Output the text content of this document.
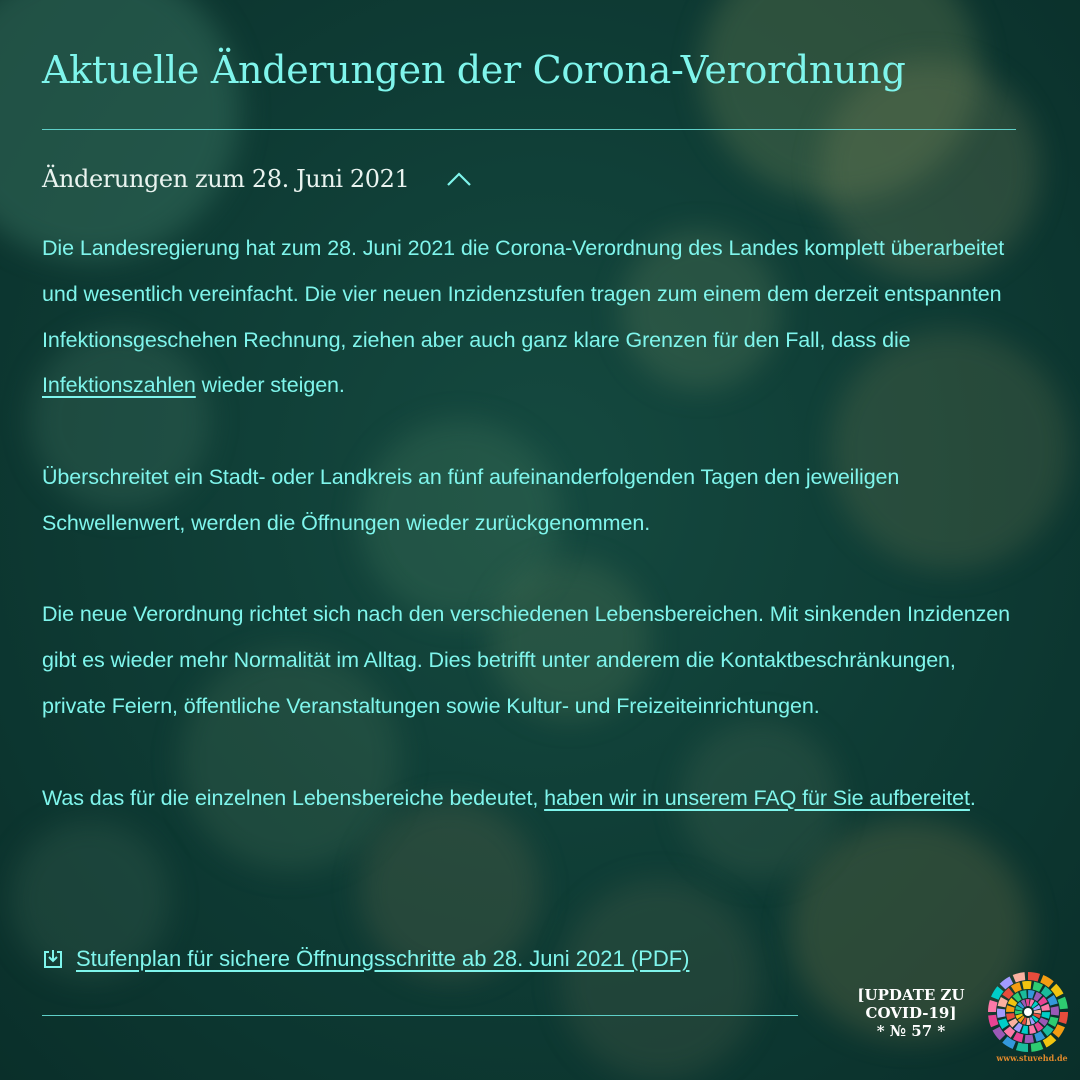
Aktuelle Änderungen der Corona-Verordnung
Änderungen zum 28. Juni 2021

Die Landesregierung hat zum 28. Juni 2021 die Corona-Verordnung des Landes komplett überarbeitet und wesentlich vereinfacht. Die vier neuen Inzidenzstufen tragen zum einem dem derzeit entspannten Infektionsgeschehen Rechnung, ziehen aber auch ganz klare Grenzen für den Fall, dass die Infektionszahlen wieder steigen.

Überschreitet ein Stadt- oder Landkreis an fünf aufeinanderfolgenden Tagen den jeweiligen Schwellenwert, werden die Öffnungen wieder zurückgenommen.

Die neue Verordnung richtet sich nach den verschiedenen Lebensbereichen. Mit sinkenden Inzidenzen gibt es wieder mehr Normalität im Alltag. Dies betrifft unter anderem die Kontaktbeschränkungen, private Feiern, öffentliche Veranstaltungen sowie Kultur- und Freizeiteinrichtungen.

Was das für die einzelnen Lebensbereiche bedeutet, haben wir in unserem FAQ für Sie aufbereitet.

Stufenplan für sichere Öffnungsschritte ab 28. Juni 2021 (PDF)
[UPDATE ZU
COVID-19]
* № 57 *
www.stuvehd.de
